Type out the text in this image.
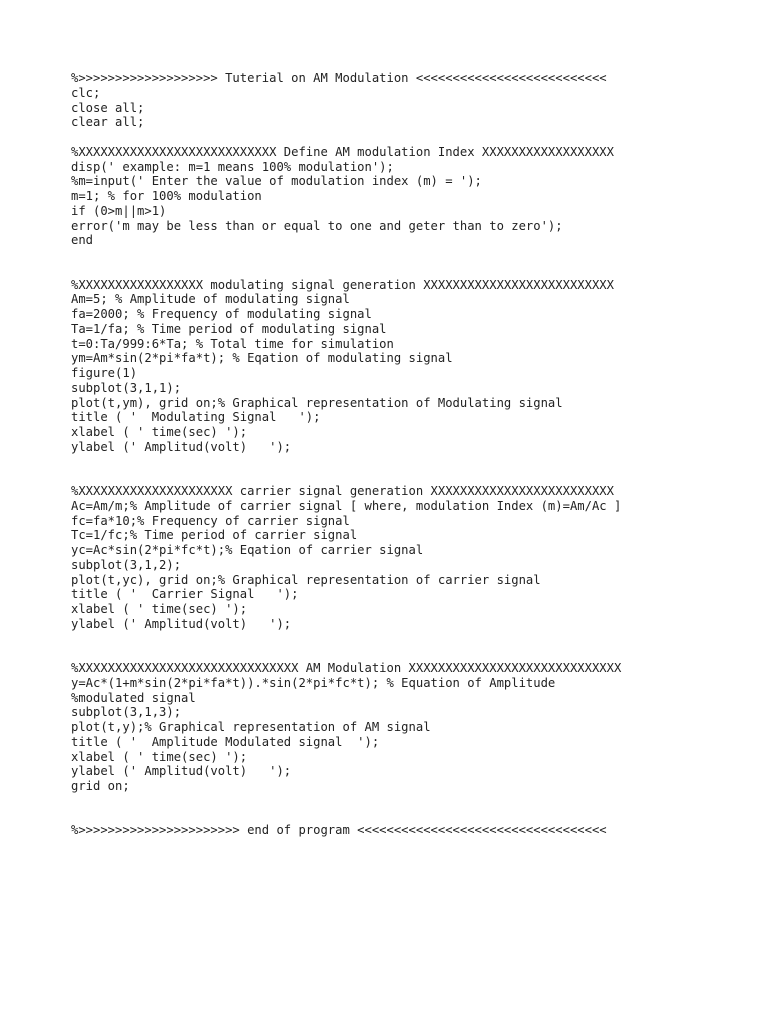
%>>>>>>>>>>>>>>>>>>> Tuterial on AM Modulation <<<<<<<<<<<<<<<<<<<<<<<<<<
clc;
close all;
clear all;
%XXXXXXXXXXXXXXXXXXXXXXXXXXX Define AM modulation Index XXXXXXXXXXXXXXXXXX
disp(' example: m=1 means 100% modulation');
%m=input(' Enter the value of modulation index (m) = ');
m=1; % for 100% modulation
if (0>m||m>1)
error('m may be less than or equal to one and geter than to zero');
end
%XXXXXXXXXXXXXXXXX modulating signal generation XXXXXXXXXXXXXXXXXXXXXXXXXX
Am=5; % Amplitude of modulating signal
fa=2000; % Frequency of modulating signal
Ta=1/fa; % Time period of modulating signal
t=0:Ta/999:6*Ta; % Total time for simulation
ym=Am*sin(2*pi*fa*t); % Eqation of modulating signal
figure(1)
subplot(3,1,1);
plot(t,ym), grid on;% Graphical representation of Modulating signal
title ( '  Modulating Signal   ');
xlabel ( ' time(sec) ');
ylabel (' Amplitud(volt)   ');
%XXXXXXXXXXXXXXXXXXXXX carrier signal generation XXXXXXXXXXXXXXXXXXXXXXXXX
Ac=Am/m;% Amplitude of carrier signal [ where, modulation Index (m)=Am/Ac ]
fc=fa*10;% Frequency of carrier signal
Tc=1/fc;% Time period of carrier signal
yc=Ac*sin(2*pi*fc*t);% Eqation of carrier signal
subplot(3,1,2);
plot(t,yc), grid on;% Graphical representation of carrier signal
title ( '  Carrier Signal   ');
xlabel ( ' time(sec) ');
ylabel (' Amplitud(volt)   ');
%XXXXXXXXXXXXXXXXXXXXXXXXXXXXXX AM Modulation XXXXXXXXXXXXXXXXXXXXXXXXXXXXX
y=Ac*(1+m*sin(2*pi*fa*t)).*sin(2*pi*fc*t); % Equation of Amplitude
%modulated signal
subplot(3,1,3);
plot(t,y);% Graphical representation of AM signal
title ( '  Amplitude Modulated signal  ');
xlabel ( ' time(sec) ');
ylabel (' Amplitud(volt)   ');
grid on;
%>>>>>>>>>>>>>>>>>>>>>> end of program <<<<<<<<<<<<<<<<<<<<<<<<<<<<<<<<<<
